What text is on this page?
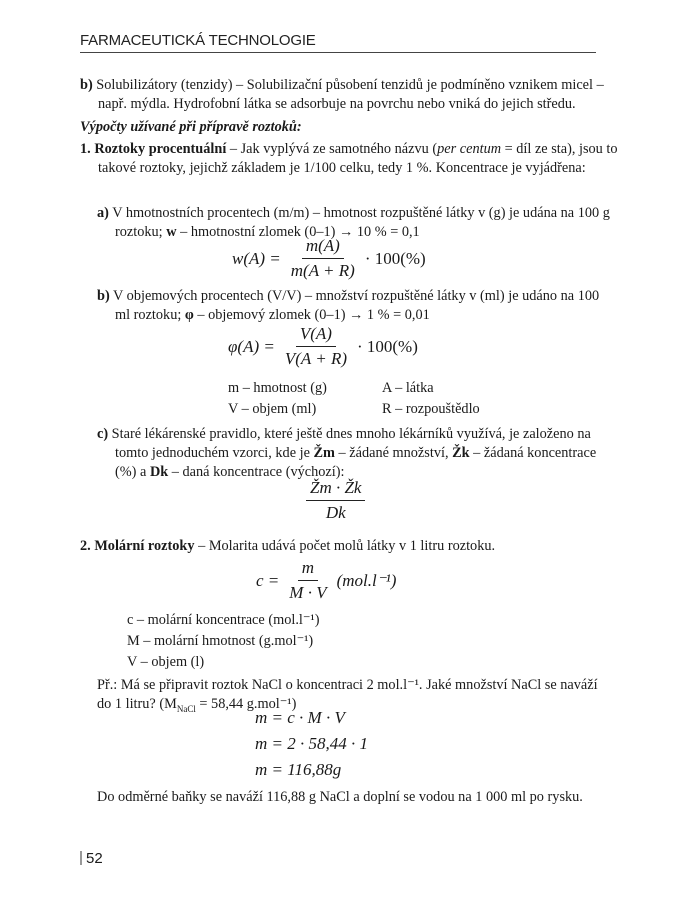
FARMACEUTICKÁ TECHNOLOGIE
b) Solubilizátory (tenzidy) – Solubilizační působení tenzidů je podmíněno vznikem micel – např. mýdla. Hydrofobní látka se adsorbuje na povrchu nebo vniká do jejich středu.
Výpočty užívané při přípravě roztoků:
1. Roztoky procentuální – Jak vyplývá ze samotného názvu (per centum = díl ze sta), jsou to takové roztoky, jejichž základem je 1/100 celku, tedy 1 %. Koncentrace je vyjádřena:
a) V hmotnostních procentech (m/m) – hmotnost rozpuštěné látky v (g) je udána na 100 g roztoku; w – hmotnostní zlomek (0–1) → 10 % = 0,1
$w(A) = \frac{m(A)}{m(A + R)} \cdot 100(\%)$
b) V objemových procentech (V/V) – množství rozpuštěné látky v (ml) je udáno na 100 ml roztoku; φ – objemový zlomek (0–1) → 1 % = 0,01
$\varphi(A) = \frac{V(A)}{V(A + R)} \cdot 100(\%)$
m – hmotnost (g)	A – látka
V – objem (ml)	R – rozpouštědlo
c) Staré lékárenské pravidlo, které ještě dnes mnoho lékárníků využívá, je založeno na tomto jednoduchém vzorci, kde je Žm – žádané množství, Žk – žádaná koncentrace (%) a Dk – daná koncentrace (výchozí):
$\frac{Žm \cdot Žk}{Dk}$
2. Molární roztoky – Molarita udává počet molů látky v 1 litru roztoku.
$c = \frac{m}{M \cdot V} (mol.l^{-1})$
c – molární koncentrace (mol.l⁻¹)
M – molární hmotnost (g.mol⁻¹)
V – objem (l)
Př.: Má se připravit roztok NaCl o koncentraci 2 mol.l⁻¹. Jaké množství NaCl se naváží do 1 litru? ($M_{NaCl} = 58,44$ g.mol⁻¹)
m = c · M · V
m = 2 · 58,44 · 1
m = 116,88g
Do odměrné baňky se naváží 116,88 g NaCl a doplní se vodou na 1 000 ml po rysku.
52
